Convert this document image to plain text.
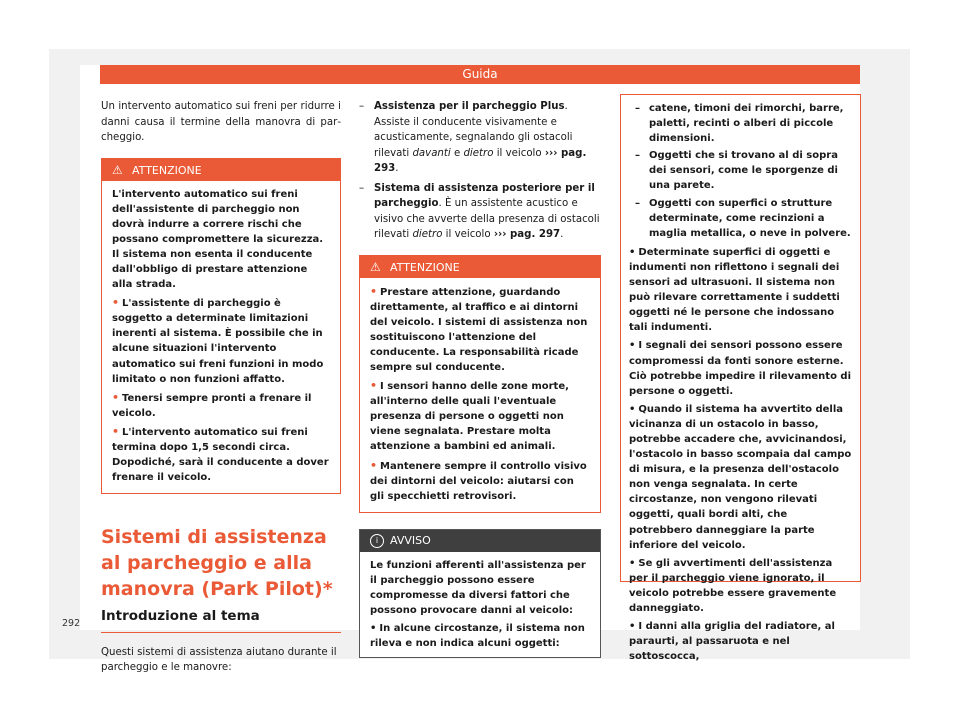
Guida

Un intervento automatico sui freni per ridurre i danni causa il termine della manovra di parcheggio.

⚠ ATTENZIONE

L'intervento automatico sui freni dell'assistente di parcheggio non dovrà indurre a correre rischi che possano compromettere la sicurezza. Il sistema non esenta il conducente dall'obbligo di prestare attenzione alla strada.

• L'assistente di parcheggio è soggetto a determinate limitazioni inerenti al sistema. È possibile che in alcune situazioni l'intervento automatico sui freni funzioni in modo limitato o non funzioni affatto.

• Tenersi sempre pronti a frenare il veicolo.

• L'intervento automatico sui freni termina dopo 1,5 secondi circa. Dopodiché, sarà il conducente a dover frenare il veicolo.

Sistemi di assistenza al parcheggio e alla manovra (Park Pilot)*

Introduzione al tema

Questi sistemi di assistenza aiutano durante il parcheggio e le manovre:

– Assistenza per il parcheggio Plus. Assiste il conducente visivamente e acusticamente, segnalando gli ostacoli rilevati davanti e dietro il veicolo ››› pag. 293.
– Sistema di assistenza posteriore per il parcheggio. È un assistente acustico e visivo che avverte della presenza di ostacoli rilevati dietro il veicolo ››› pag. 297.
⚠ ATTENZIONE

• Prestare attenzione, guardando direttamente, al traffico e ai dintorni del veicolo. I sistemi di assistenza non sostituiscono l'attenzione del conducente. La responsabilità ricade sempre sul conducente.

• I sensori hanno delle zone morte, all'interno delle quali l'eventuale presenza di persone o oggetti non viene segnalata. Prestare molta attenzione a bambini ed animali.

• Mantenere sempre il controllo visivo dei dintorni del veicolo: aiutarsi con gli specchietti retrovisori.

i AVVISO

Le funzioni afferenti all'assistenza per il parcheggio possono essere compromesse da diversi fattori che possono provocare danni al veicolo:

• In alcune circostanze, il sistema non rileva e non indica alcuni oggetti:

– catene, timoni dei rimorchi, barre, paletti, recinti o alberi di piccole dimensioni.
– Oggetti che si trovano al di sopra dei sensori, come le sporgenze di una parete.
– Oggetti con superfici o strutture determinate, come recinzioni a maglia metallica, o neve in polvere.

• Determinate superfici di oggetti e indumenti non riflettono i segnali dei sensori ad ultrasuoni. Il sistema non può rilevare correttamente i suddetti oggetti né le persone che indossano tali indumenti.

• I segnali dei sensori possono essere compromessi da fonti sonore esterne. Ciò potrebbe impedire il rilevamento di persone o oggetti.

• Quando il sistema ha avvertito della vicinanza di un ostacolo in basso, potrebbe accadere che, avvicinandosi, l'ostacolo in basso scompaia dal campo di misura, e la presenza dell'ostacolo non venga segnalata. In certe circostanze, non vengono rilevati oggetti, quali bordi alti, che potrebbero danneggiare la parte inferiore del veicolo.

• Se gli avvertimenti dell'assistenza per il parcheggio viene ignorato, il veicolo potrebbe essere gravemente danneggiato.

• I danni alla griglia del radiatore, al paraurti, al passaruota e nel sottoscocca,

292
